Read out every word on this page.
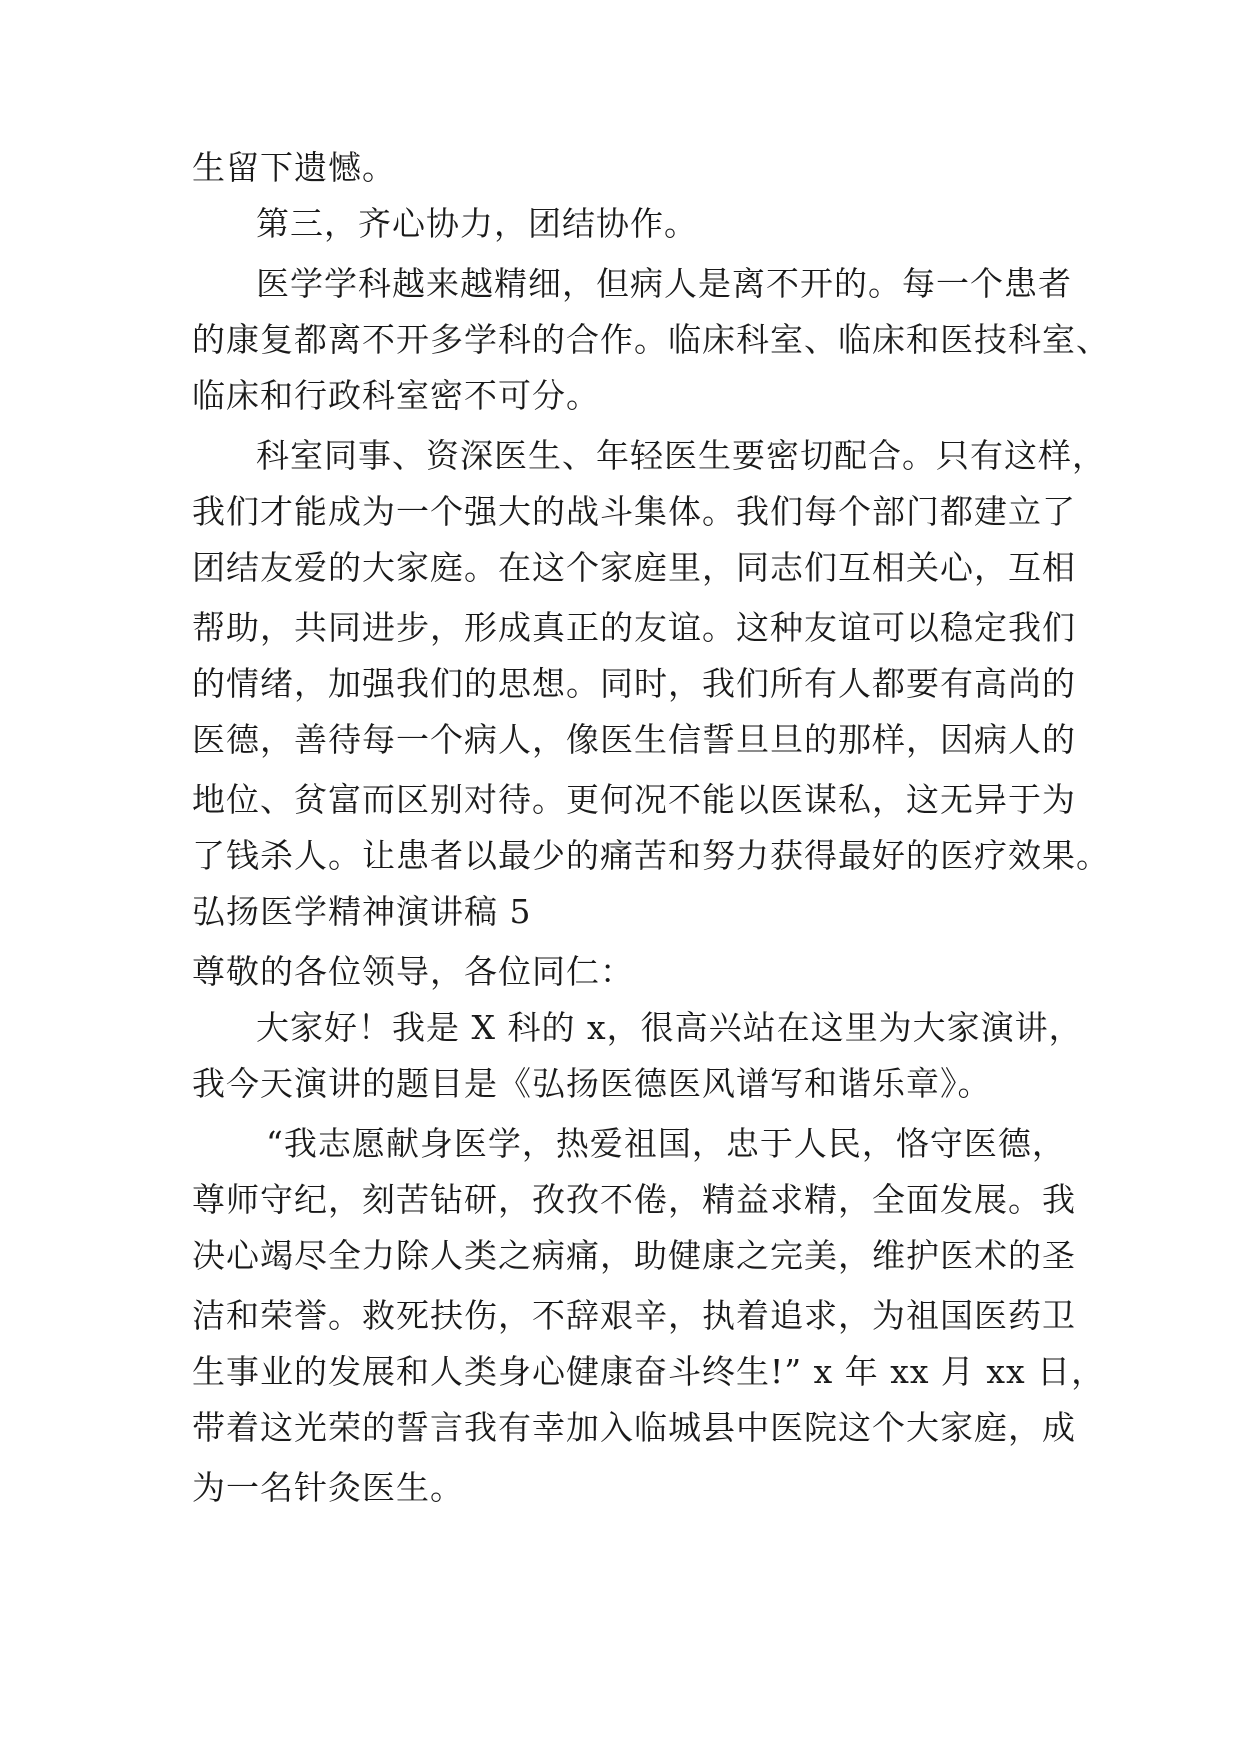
生留下遗憾。

第三，齐心协力，团结协作。

医学学科越来越精细，但病人是离不开的。每一个患者

的康复都离不开多学科的合作。临床科室、临床和医技科室、

临床和行政科室密不可分。

科室同事、资深医生、年轻医生要密切配合。只有这样，

我们才能成为一个强大的战斗集体。我们每个部门都建立了

团结友爱的大家庭。在这个家庭里，同志们互相关心，互相

帮助，共同进步，形成真正的友谊。这种友谊可以稳定我们

的情绪，加强我们的思想。同时，我们所有人都要有高尚的

医德，善待每一个病人，像医生信誓旦旦的那样，因病人的

地位、贫富而区别对待。更何况不能以医谋私，这无异于为

了钱杀人。让患者以最少的痛苦和努力获得最好的医疗效果。

弘扬医学精神演讲稿 5

尊敬的各位领导，各位同仁：

大家好！我是 X 科的 x，很高兴站在这里为大家演讲，

我今天演讲的题目是《弘扬医德医风谱写和谐乐章》。

“我志愿献身医学，热爱祖国，忠于人民，恪守医德，

尊师守纪，刻苦钻研，孜孜不倦，精益求精，全面发展。我

决心竭尽全力除人类之病痛，助健康之完美，维护医术的圣

洁和荣誉。救死扶伤，不辞艰辛，执着追求，为祖国医药卫

生事业的发展和人类身心健康奋斗终生!” x 年 xx 月 xx 日，

带着这光荣的誓言我有幸加入临城县中医院这个大家庭，成

为一名针灸医生。
